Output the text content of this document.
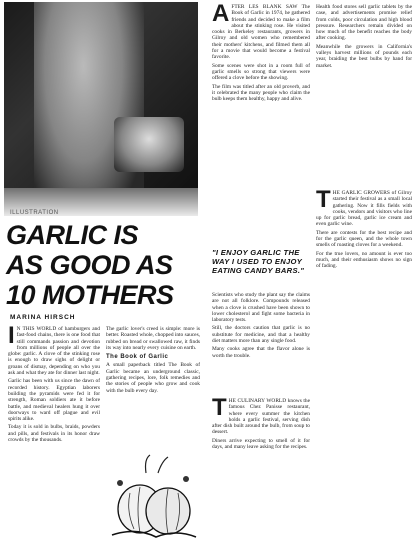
ILLUSTRATION
GARLIC IS
AS GOOD AS
10 MOTHERS
MARINA HIRSCH
I N THIS WORLD of hamburgers and fast-food chains, there is one food that still commands passion and devotion from millions of people all over the globe: garlic. A clove of the stinking rose is enough to draw sighs of delight or groans of dismay, depending on who you ask and what they ate for dinner last night.

Garlic has been with us since the dawn of recorded history. Egyptian laborers building the pyramids were fed it for strength, Roman soldiers ate it before battle, and medieval healers hung it over doorways to ward off plague and evil spirits alike.

Today it is sold in bulbs, braids, powders and pills, and festivals in its honor draw crowds by the thousands.

The garlic lover's creed is simple: more is better. Roasted whole, chopped into sauces, rubbed on bread or swallowed raw, it finds its way into nearly every cuisine on earth.

The Book of Garlic

A small paperback titled The Book of Garlic became an underground classic, gathering recipes, lore, folk remedies and the stories of people who grow and cook with the bulb every day.

A FTER LES BLANK SAW The Book of Garlic in 1974, he gathered friends and decided to make a film about the stinking rose. He visited cooks in Berkeley restaurants, growers in Gilroy and old women who remembered their mothers' kitchens, and filmed them all for a movie that would become a festival favorite.

Some scenes were shot in a room full of garlic smells so strong that viewers were offered a clove before the showing.

The film was titled after an old proverb, and it celebrated the many people who claim the bulb keeps them healthy, happy and alive.

"I ENJOY GARLIC THE WAY I USED TO ENJOY EATING CANDY BARS."

Scientists who study the plant say the claims are not all folklore. Compounds released when a clove is crushed have been shown to lower cholesterol and fight some bacteria in laboratory tests.

Still, the doctors caution that garlic is no substitute for medicine, and that a healthy diet matters more than any single food.

Many cooks agree that the flavor alone is worth the trouble.

T HE CULINARY WORLD knows the famous Chez Panisse restaurant, where every summer the kitchen holds a garlic festival, serving dish after dish built around the bulb, from soup to dessert.

Diners arrive expecting to smell of it for days, and many leave asking for the recipes.

Health food stores sell garlic tablets by the case, and advertisements promise relief from colds, poor circulation and high blood pressure. Researchers remain divided on how much of the benefit reaches the body after cooking.

Meanwhile the growers in California's valleys harvest millions of pounds each year, braiding the best bulbs by hand for market.

T HE GARLIC GROWERS of Gilroy started their festival as a small local gathering. Now it fills fields with cooks, vendors and visitors who line up for garlic bread, garlic ice cream and even garlic wine.

There are contests for the best recipe and for the garlic queen, and the whole town smells of roasting cloves for a weekend.

For the true lovers, no amount is ever too much, and their enthusiasm shows no sign of fading.
